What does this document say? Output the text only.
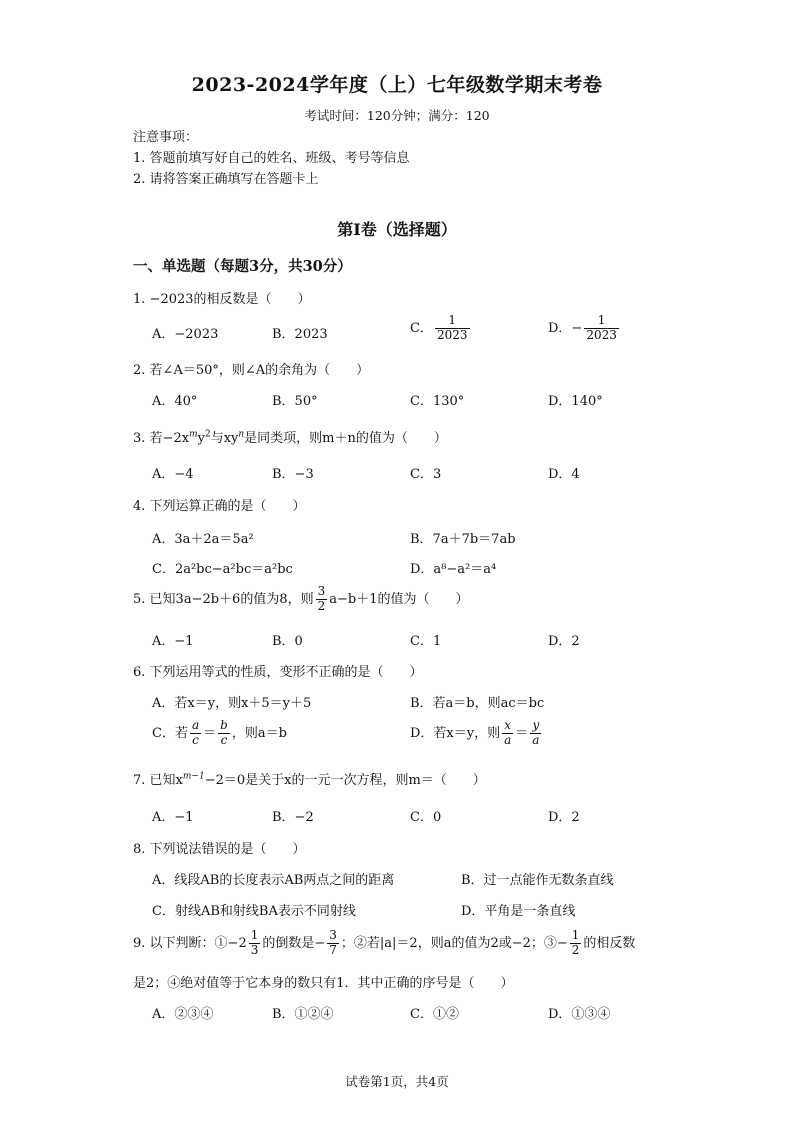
2023-2024学年度（上）七年级数学期末考卷
考试时间：120分钟；满分：120
注意事项：
1. 答题前填写好自己的姓名、班级、考号等信息
2. 请将答案正确填写在答题卡上
第I卷（选择题）
一、单选题（每题3分，共30分）
1. −2023的相反数是（　　）
A．−2023	B．2023	C． $\frac{1}{2023}$	D．− $\frac{1}{2023}$
2. 若∠A＝50°，则∠A的余角为（　　）
A．40°	B．50°	C．130°	D．140°
3. 若$-2x^my^2$与$xy^n$是同类项，则m＋n的值为（　　）
A．−4	B．−3	C．3	D．4
4. 下列运算正确的是（　　）
A．3a＋2a＝5a²	B．7a＋7b＝7ab
C．2a²bc−a²bc＝a²bc	D．a⁸−a²＝a⁴
5. 已知3a−2b＋6的值为8，则 $\frac{3}{2} a-b+1$的值为（　　）
A．−1	B．0	C．1	D．2
6. 下列运用等式的性质，变形不正确的是（　　）
A．若x＝y，则x＋5＝y＋5	B．若a＝b，则ac＝bc
C．若 $\frac{a}{c} = \frac{b}{c}$ ，则a＝b	D．若x＝y，则 $\frac{x}{a} = \frac{y}{a}$
7. 已知$x^{m-1}-2=0$是关于x的一元一次方程，则m＝（　　）
A．−1	B．−2	C．0	D．2
8. 下列说法错误的是（　　）
A．线段AB的长度表示AB两点之间的距离	B．过一点能作无数条直线
C．射线AB和射线BA表示不同射线	D．平角是一条直线
9. 以下判断：①−2 $\frac{1}{3}$ 的倒数是− $\frac{3}{7}$ ；②若|a|＝2，则a的值为2或−2；③− $\frac{1}{2}$ 的相反数
是2；④绝对值等于它本身的数只有1．其中正确的序号是（　　）
A．②③④	B．①②④	C．①②	D．①③④
试卷第1页，共4页
